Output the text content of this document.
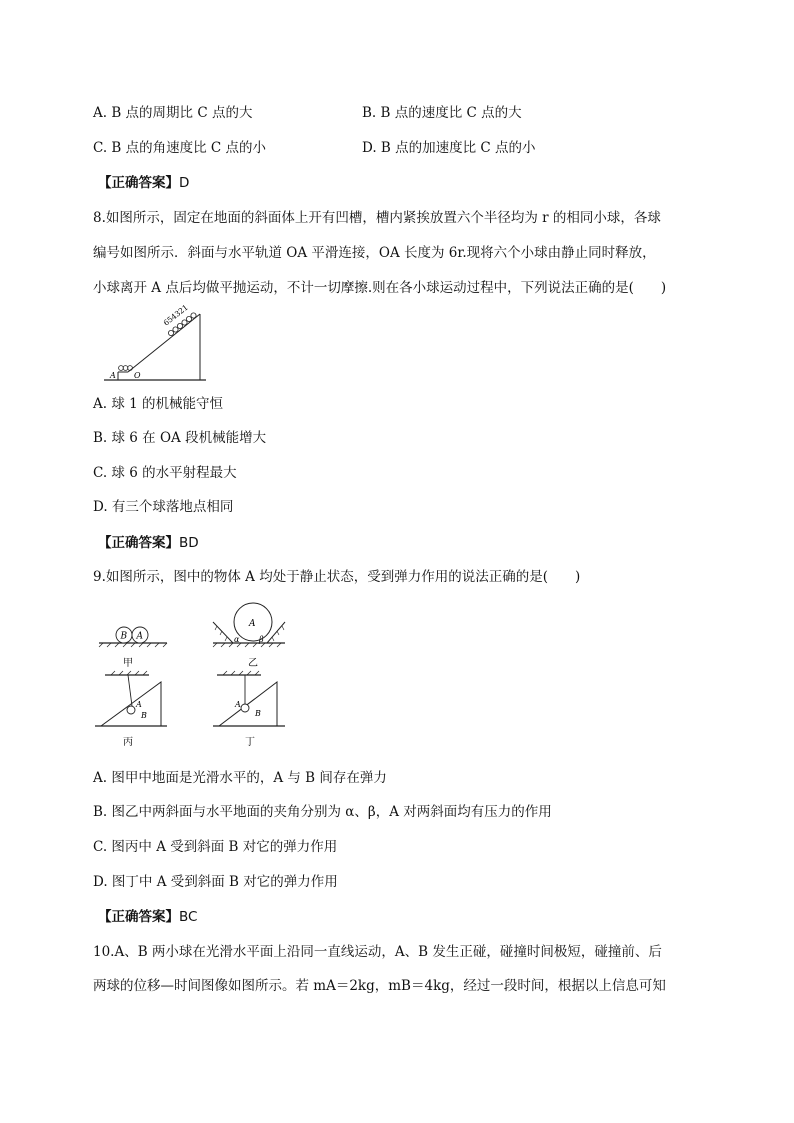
A. B 点的周期比 C 点的大	B. B 点的速度比 C 点的大
C. B 点的角速度比 C 点的小	D. B 点的加速度比 C 点的小
【正确答案】D
8.如图所示，固定在地面的斜面体上开有凹槽，槽内紧挨放置六个半径均为 r 的相同小球，各球
编号如图所示．斜面与水平轨道 OA 平滑连接，OA 长度为 6r.现将六个小球由静止同时释放，
小球离开 A 点后均做平抛运动，不计一切摩擦.则在各小球运动过程中，下列说法正确的是(　　)
654321
A O
A. 球 1 的机械能守恒
B. 球 6 在 OA 段机械能增大
C. 球 6 的水平射程最大
D. 有三个球落地点相同
【正确答案】BD
9.如图所示，图中的物体 A 均处于静止状态，受到弹力作用的说法正确的是(　　)
B A
甲
A
α β
乙
A
B
丙
A
B
丁
A. 图甲中地面是光滑水平的，A 与 B 间存在弹力
B. 图乙中两斜面与水平地面的夹角分别为 α、β，A 对两斜面均有压力的作用
C. 图丙中 A 受到斜面 B 对它的弹力作用
D. 图丁中 A 受到斜面 B 对它的弹力作用
【正确答案】BC
10.A、B 两小球在光滑水平面上沿同一直线运动，A、B 发生正碰，碰撞时间极短，碰撞前、后
两球的位移—时间图像如图所示。若 mA＝2kg，mB＝4kg，经过一段时间，根据以上信息可知
